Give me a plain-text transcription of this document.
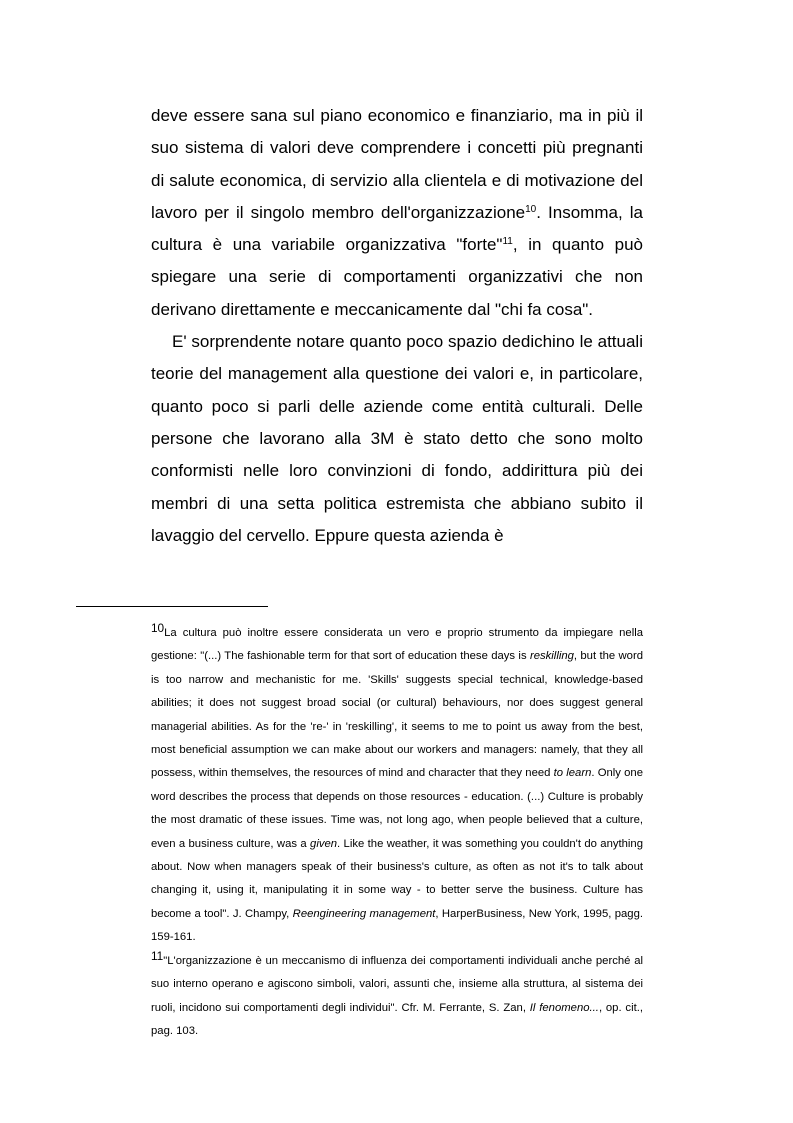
deve essere sana sul piano economico e finanziario, ma in più il suo sistema di valori deve comprendere i concetti più pregnanti di salute economica, di servizio alla clientela e di motivazione del lavoro per il singolo membro dell'organizzazione$^{10}$. Insomma, la cultura è una variabile organizzativa "forte"$^{11}$, in quanto può spiegare una serie di comportamenti organizzativi che non derivano direttamente e meccanicamente dal "chi fa cosa".

E' sorprendente notare quanto poco spazio dedichino le attuali teorie del management alla questione dei valori e, in particolare, quanto poco si parli delle aziende come entità culturali. Delle persone che lavorano alla 3M è stato detto che sono molto conformisti nelle loro convinzioni di fondo, addirittura più dei membri di una setta politica estremista che abbiano subito il lavaggio del cervello. Eppure questa azienda è

10La cultura può inoltre essere considerata un vero e proprio strumento da impiegare nella gestione: "(...) The fashionable term for that sort of education these days is reskilling, but the word is too narrow and mechanistic for me. 'Skills' suggests special technical, knowledge-based abilities; it does not suggest broad social (or cultural) behaviours, nor does suggest general managerial abilities. As for the 're-' in 'reskilling', it seems to me to point us away from the best, most beneficial assumption we can make about our workers and managers: namely, that they all possess, within themselves, the resources of mind and character that they need to learn. Only one word describes the process that depends on those resources - education. (...) Culture is probably the most dramatic of these issues. Time was, not long ago, when people believed that a culture, even a business culture, was a given. Like the weather, it was something you couldn't do anything about. Now when managers speak of their business's culture, as often as not it's to talk about changing it, using it, manipulating it in some way - to better serve the business. Culture has become a tool". J. Champy, Reengineering management, HarperBusiness, New York, 1995, pagg. 159-161.

11"L'organizzazione è un meccanismo di influenza dei comportamenti individuali anche perché al suo interno operano e agiscono simboli, valori, assunti che, insieme alla struttura, al sistema dei ruoli, incidono sui comportamenti degli individui". Cfr. M. Ferrante, S. Zan, Il fenomeno..., op. cit., pag. 103.
